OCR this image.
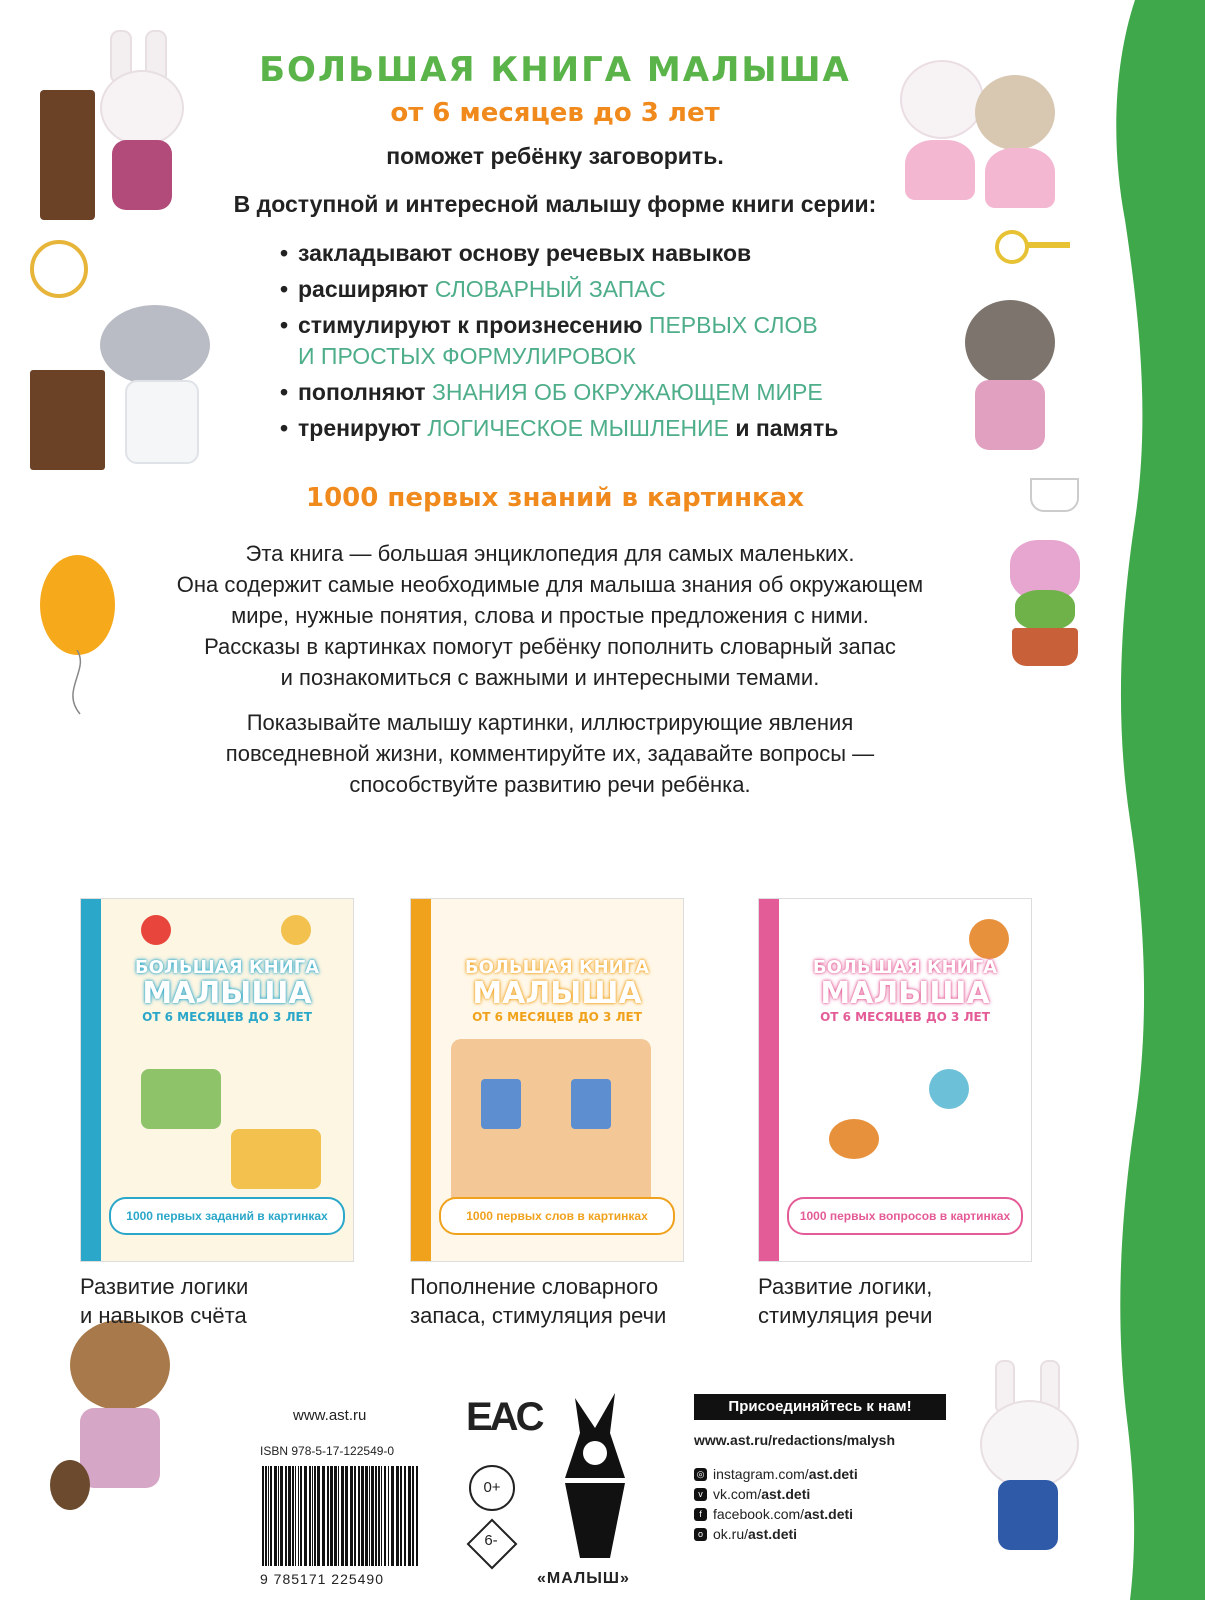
БОЛЬШАЯ КНИГА МАЛЫША
от 6 месяцев до 3 лет
поможет ребёнку заговорить.
В доступной и интересной малышу форме книги серии:
• закладывают основу речевых навыков
• расширяют СЛОВАРНЫЙ ЗАПАС
• стимулируют к произнесению ПЕРВЫХ СЛОВ
И ПРОСТЫХ ФОРМУЛИРОВОК
• пополняют ЗНАНИЯ ОБ ОКРУЖАЮЩЕМ МИРЕ
• тренируют ЛОГИЧЕСКОЕ МЫШЛЕНИЕ и память
1000 первых знаний в картинках
Эта книга — большая энциклопедия для самых маленьких.
Она содержит самые необходимые для малыша знания об окружающем
мире, нужные понятия, слова и простые предложения с ними.
Рассказы в картинках помогут ребёнку пополнить словарный запас
и познакомиться с важными и интересными темами.
Показывайте малышу картинки, иллюстрирующие явления
повседневной жизни, комментируйте их, задавайте вопросы —
способствуйте развитию речи ребёнка.
БОЛЬШАЯ КНИГА
МАЛЫША
ОТ 6 МЕСЯЦЕВ ДО 3 ЛЕТ
1000 первых заданий в картинках
БОЛЬШАЯ КНИГА
МАЛЫША
ОТ 6 МЕСЯЦЕВ ДО 3 ЛЕТ
1000 первых слов в картинках
БОЛЬШАЯ КНИГА
МАЛЫША
ОТ 6 МЕСЯЦЕВ ДО 3 ЛЕТ
1000 первых вопросов в картинках
Развитие логики
и навыков счёта
Пополнение словарного
запаса, стимуляция речи
Развитие логики,
стимуляция речи
www.ast.ru
ISBN 978-5-17-122549-0
9 785171 225490
EAC
0+
6-
«МАЛЫШ»
Присоединяйтесь к нам!
www.ast.ru/redactions/malysh
◎ instagram.com/ast.deti
v vk.com/ast.deti
f facebook.com/ast.deti
o ok.ru/ast.deti
